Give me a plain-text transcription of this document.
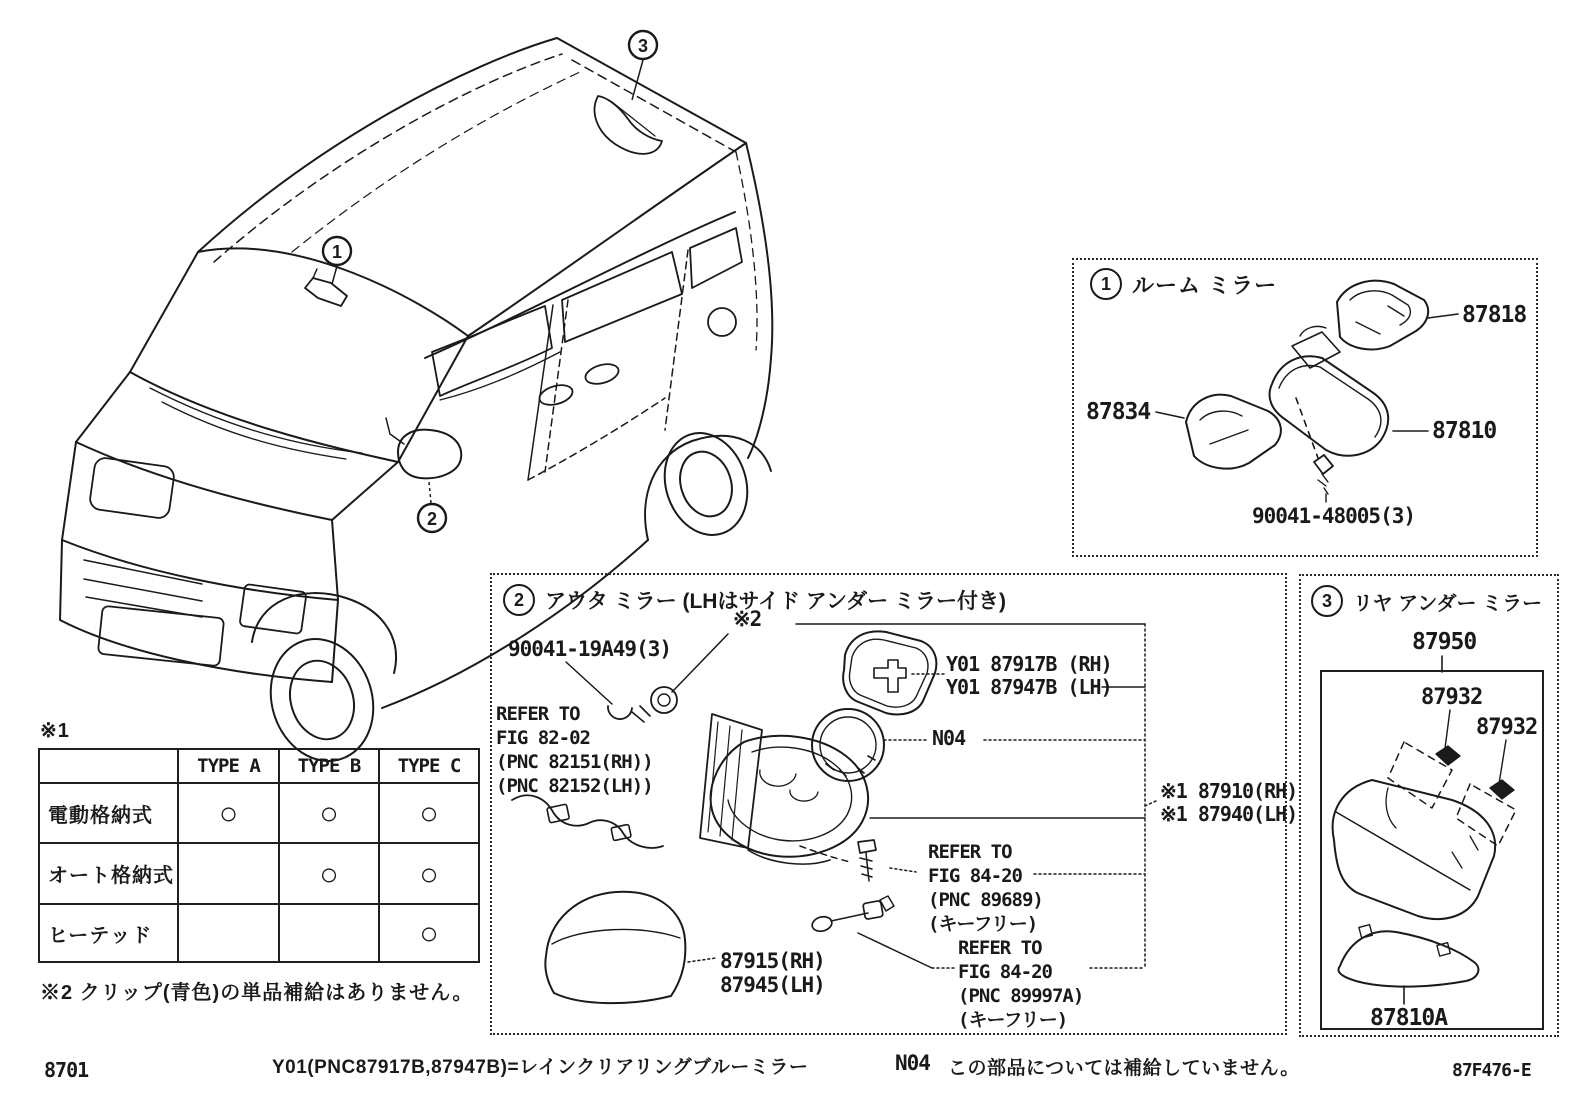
1
2
3
1 ルーム ミラー
2	アウタ ミラー (LHはサイド アンダー ミラー付き)	3	リヤ アンダー ミラー
87818
87834
87810
90041-48005(3)
※2
90041-19A49(3)
REFER TO
FIG 82-02
(PNC 82151(RH))
(PNC 82152(LH))
Y01 87917B (RH)
Y01 87947B (LH)
N04
※1 87910(RH)
※1 87940(LH)
87915(RH)
87945(LH)
REFER TO
FIG 84-20
(PNC 89689)
(キーフリー)
REFER TO
FIG 84-20
(PNC 89997A)
(キーフリー)
87950
87932
87932
87810A
※1
	TYPE A	TYPE B	TYPE C
電動格納式	○	○	○
オート格納式		○	○
ヒーテッド			○
※2 クリップ(青色)の単品補給はありません。
8701	Y01(PNC87917B,87947B)=レインクリアリングブルーミラー	N04 この部品については補給していません。	87F476-E
